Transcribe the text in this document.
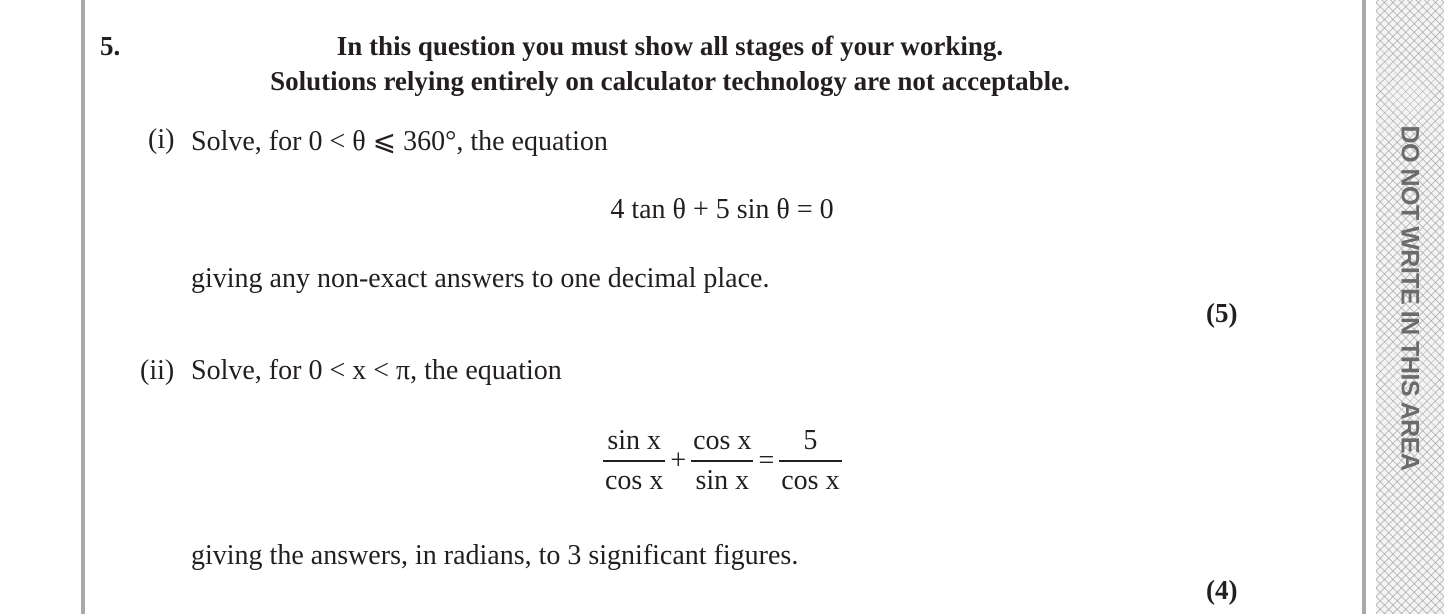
DO NOT WRITE IN THIS AREA
5.	In this question you must show all stages of your working.
Solutions relying entirely on calculator technology are not acceptable.
(i) Solve, for 0 < θ ⩽ 360°, the equation
4 tan θ + 5 sin θ = 0
giving any non-exact answers to one decimal place.
(5)
(ii) Solve, for 0 < x < π, the equation
$\frac{\text{sin x}}{\text{cos x}} + \frac{\text{cos x}}{\text{sin x}} = \frac{5}{\text{cos x}}$
giving the answers, in radians, to 3 significant figures.
(4)
